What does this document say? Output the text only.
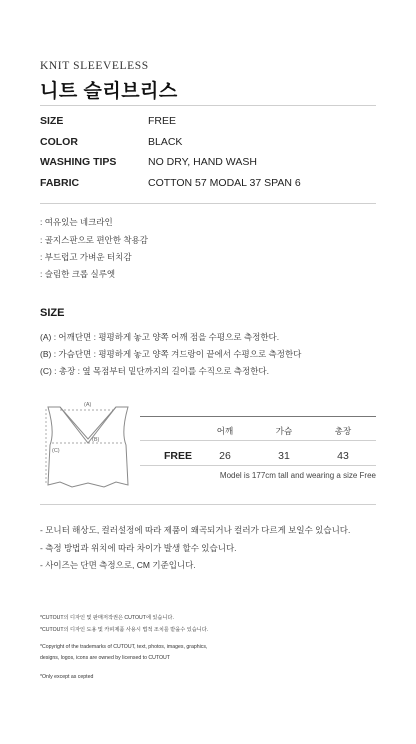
KNIT SLEEVELESS
니트 슬리브리스
SIZE	FREE
COLOR	BLACK
WASHING TIPS	NO DRY, HAND WASH
FABRIC	COTTON 57 MODAL 37 SPAN 6
: 여유있는 네크라인
: 골지스판으로 편안한 착용감
: 부드럽고 가벼운 터치감
: 슬림한 크롭 실루엣
SIZE
(A) : 어깨단면 : 평평하게 놓고 양쪽 어깨 점을 수평으로 측정한다.
(B) : 가슴단면 : 평평하게 놓고 양쪽 겨드랑이 끝에서 수평으로 측정한다
(C) : 총장 : 옆 목점부터 밑단까지의 길이를 수직으로 측정한다.
(A)
(B)
(C)
어깨	가슴	총장
FREE	26	31	43
Model is 177cm tall and wearing a size Free
- 모니터 해상도, 컬러설정에 따라 제품이 왜곡되거나 컬러가 다르게 보일수 있습니다.
- 측정 방법과 위치에 따라 차이가 발생 할수 있습니다.
- 사이즈는 단면 측정으로, CM 기준입니다.
*CUTOUT의 디자인 및 판매저작권은 CUTOUT에 있습니다.
*CUTOUT의 디자인 도용 및 카피제품 사용시 법적 조치를 받을수 있습니다.
*Copyright of the trademarks of CUTOUT, text, photos, images, graphics,
designs, logos, icons are owned by licensed to CUTOUT
*Only except as cepted
